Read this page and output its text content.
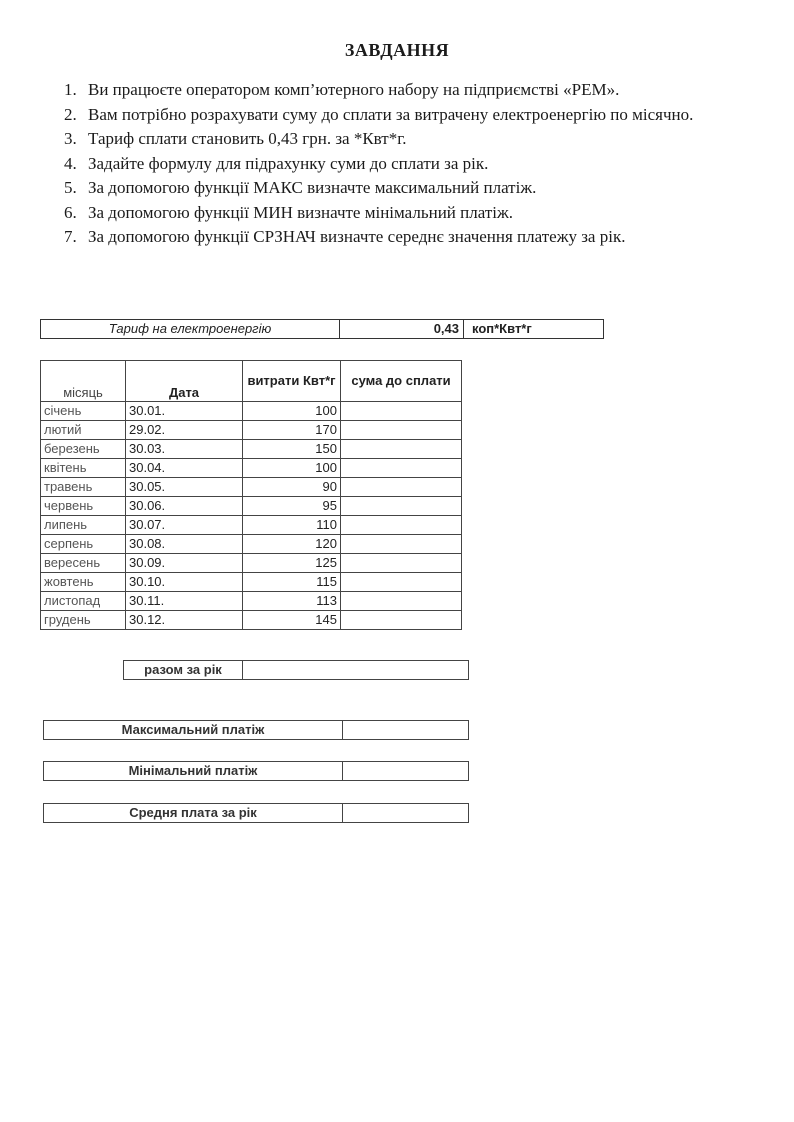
ЗАВДАННЯ
1. Ви працюєте оператором комп’ютерного набору на підприємстві «РЕМ».
2. Вам потрібно розрахувати суму до сплати за витрачену електроенергію по місячно.
3. Тариф сплати становить 0,43 грн. за *Квт*г.
4. Задайте формулу для підрахунку суми до сплати за рік.
5. За допомогою функції МАКС визначте максимальний платіж.
6. За допомогою функції МИН визначте мінімальний платіж.
7. За допомогою функції СРЗНАЧ визначте середнє значення платежу за рік.
Тариф на електроенергію	0,43	коп*Квт*г
місяць	Дата	витрати Квт*г	сума до сплати
січень	30.01.	100	
лютий	29.02.	170	
березень	30.03.	150	
квітень	30.04.	100	
травень	30.05.	90	
червень	30.06.	95	
липень	30.07.	110	
серпень	30.08.	120	
вересень	30.09.	125	
жовтень	30.10.	115	
листопад	30.11.	113	
грудень	30.12.	145	
разом за рік
Максимальний платіж
Мінімальний платіж
Средня плата за рік
